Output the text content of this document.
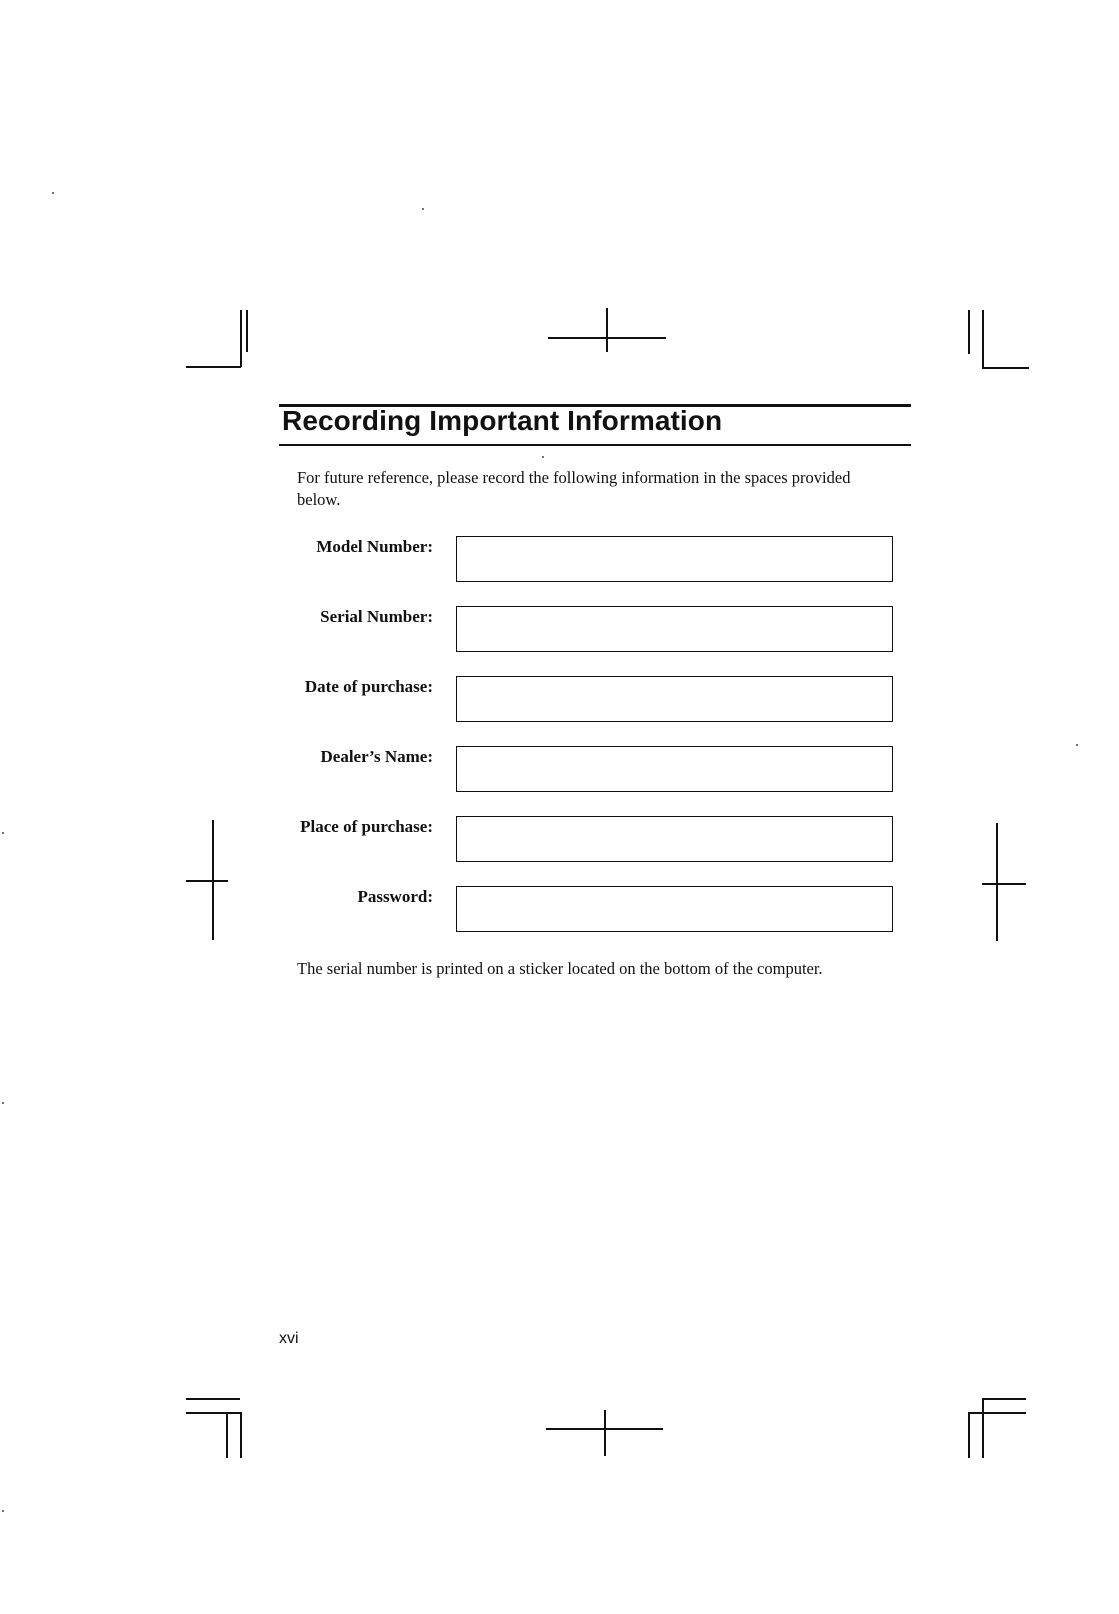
Recording Important Information
For future reference, please record the following information in the spaces provided below.
Model Number:
Serial Number:
Date of purchase:
Dealer’s Name:
Place of purchase:
Password:
The serial number is printed on a sticker located on the bottom of the computer.
xvi
